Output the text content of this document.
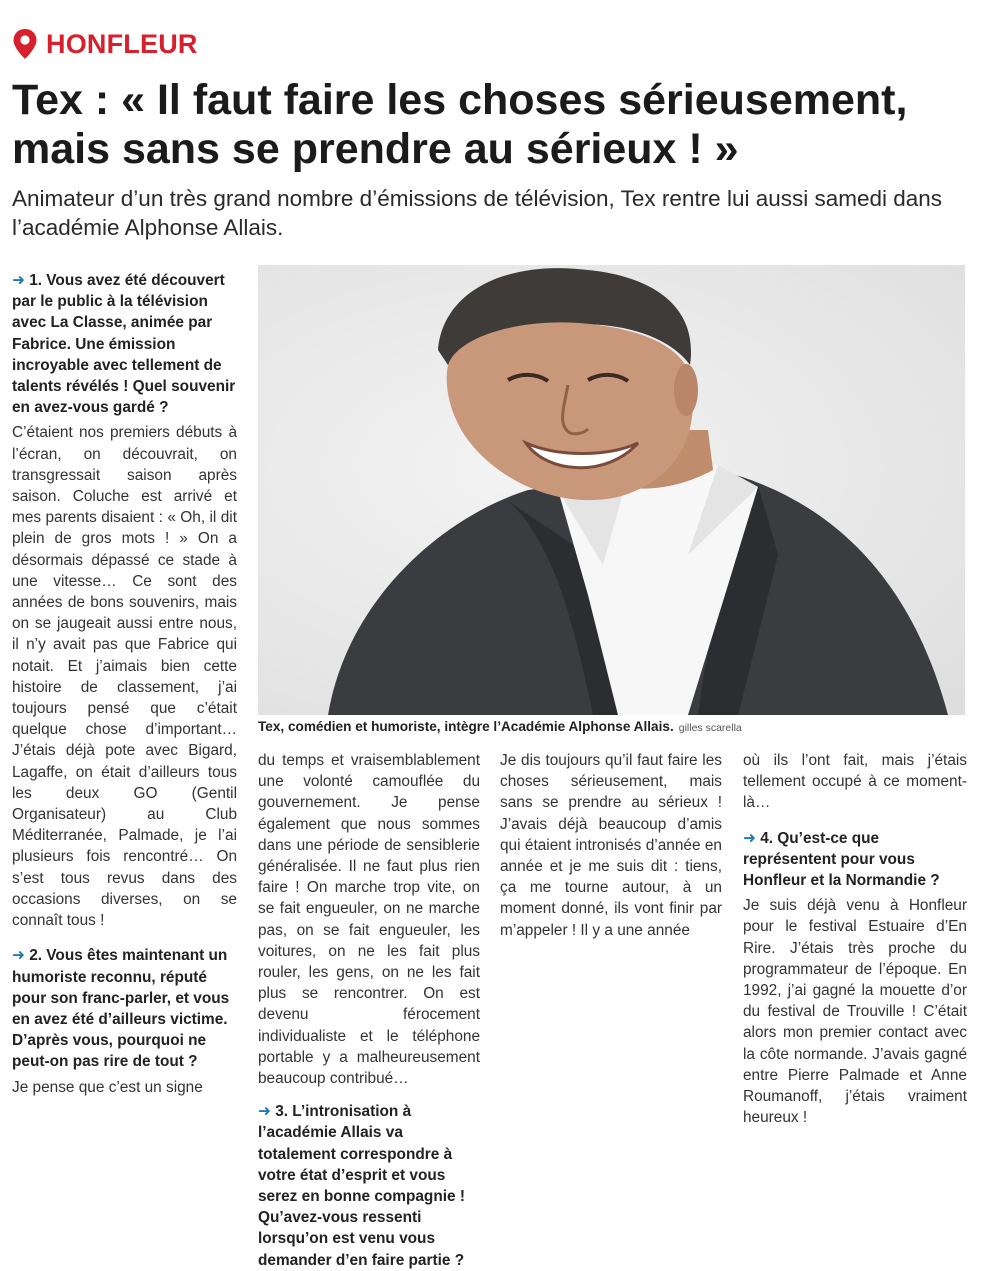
HONFLEUR
Tex : « Il faut faire les choses sérieusement, mais sans se prendre au sérieux ! »

Animateur d’un très grand nombre d’émissions de télévision, Tex rentre lui aussi samedi dans l’académie Alphonse Allais.

Tex, comédien et humoriste, intègre l’Académie Alphonse Allais. gilles scarella

➜ 1. Vous avez été découvert par le public à la télévision avec La Classe, animée par Fabrice. Une émission incroyable avec tellement de talents révélés ! Quel souvenir en avez-vous gardé ?

C’étaient nos premiers débuts à l’écran, on découvrait, on transgressait saison après saison. Coluche est arrivé et mes parents disaient : « Oh, il dit plein de gros mots ! » On a désormais dépassé ce stade à une vitesse… Ce sont des années de bons souvenirs, mais on se jaugeait aussi entre nous, il n’y avait pas que Fabrice qui notait. Et j’aimais bien cette histoire de classement, j’ai toujours pensé que c’était quelque chose d’important… J’étais déjà pote avec Bigard, Lagaffe, on était d’ailleurs tous les deux GO (Gentil Organisateur) au Club Méditerranée, Palmade, je l’ai plusieurs fois rencontré… On s’est tous revus dans des occasions diverses, on se connaît tous !

➜ 2. Vous êtes maintenant un humoriste reconnu, réputé pour son franc-parler, et vous en avez été d’ailleurs victime. D’après vous, pourquoi ne peut-on pas rire de tout ?

Je pense que c’est un signe

du temps et vraisemblablement une volonté camouflée du gouvernement. Je pense également que nous sommes dans une période de sensiblerie généralisée. Il ne faut plus rien faire ! On marche trop vite, on se fait engueuler, on ne marche pas, on se fait engueuler, les voitures, on ne les fait plus rouler, les gens, on ne les fait plus se rencontrer. On est devenu férocement individualiste et le téléphone portable y a malheureusement beaucoup contribué…

➜ 3. L’intronisation à l’académie Allais va totalement correspondre à votre état d’esprit et vous serez en bonne compagnie ! Qu’avez-vous ressenti lorsqu’on est venu vous demander d’en faire partie ?

Je dis toujours qu’il faut faire les choses sérieusement, mais sans se prendre au sérieux ! J’avais déjà beaucoup d’amis qui étaient intronisés d’année en année et je me suis dit : tiens, ça me tourne autour, à un moment donné, ils vont finir par m’appeler ! Il y a une année

où ils l’ont fait, mais j’étais tellement occupé à ce moment-là…

➜ 4. Qu’est-ce que représentent pour vous Honfleur et la Normandie ?

Je suis déjà venu à Honfleur pour le festival Estuaire d’En Rire. J’étais très proche du programmateur de l’époque. En 1992, j’ai gagné la mouette d’or du festival de Trouville ! C’était alors mon premier contact avec la côte normande. J’avais gagné entre Pierre Palmade et Anne Roumanoff, j’étais vraiment heureux !
